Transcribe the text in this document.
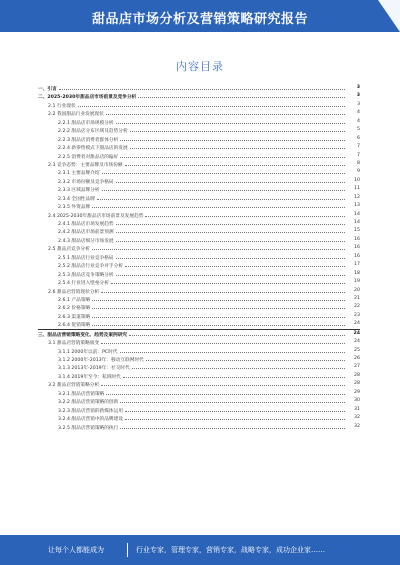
甜品店市场分析及营销策略研究报告
内容目录
一、引言	3
二、2025-2030年甜品店市场前景及竞争分析	3
2.1 行业现状	3
2.2 我国甜品行业发展现状	4
2.2.1 甜品店市场规模分析	4
2.2.2 甜品店分布区域及趋势分析	5
2.2.3 甜品店消费者群体分析	6
2.2.4 新零售模式下甜品店的发展	7
2.2.5 消费者对甜品店的偏好	7
2.3 竞争态势：主要品牌及市场份额	8
2.3.1 主要品牌介绍	9
2.3.2 市场份额及竞争格局	10
2.3.3 区域品牌分析	11
2.3.4 全国性品牌	12
2.3.5 外资品牌	13
2.4 2025-2030年甜品店市场前景及发展趋势	14
2.4.1 甜品店市场发展趋势	14
2.4.2 甜品店市场前景预测	15
2.4.3 甜品店细分市场发展	16
2.5 甜品店竞争分析	16
2.5.1 甜品店行业竞争格局	16
2.5.2 甜品店行业竞争对手分析	17
2.5.3 甜品店竞争策略分析	18
2.5.4 行业进入壁垒分析	19
2.6 甜品店营销现状分析	20
2.6.1 产品策略	21
2.6.2 价格策略	22
2.6.3 渠道策略	23
2.6.4 促销策略	24
三、甜品店营销策略变化、趋势及案例研究	24
3.1 甜品店营销策略演变	24
3.1.1 2000年以前：PC时代	25
3.1.2 2000年-2013年：移动互联网时代	26
3.1.3 2013年-2019年：社交时代	27
3.1.4 2019年至今：私域时代	28
3.2 甜品店营销策略分析	28
3.2.1 甜品店营销策略	29
3.2.2 甜品店营销策略的创新	30
3.2.3 甜品店营销的新媒体运用	31
3.2.4 甜品店营销中的品牌建设	32
3.2.5 甜品店营销策略的执行	32
让每个人都能成为	行业专家，管理专家，营销专家，战略专家，成功企业家……
